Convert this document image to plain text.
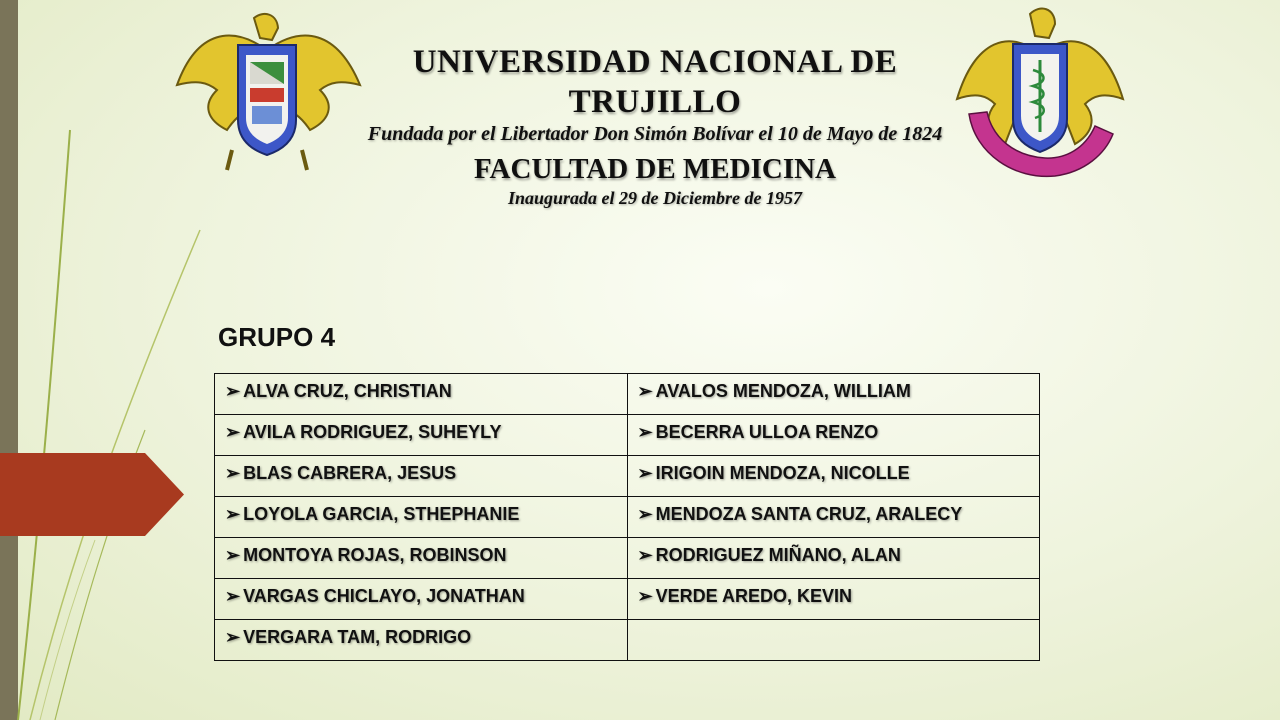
UNIVERSIDAD NACIONAL DE TRUJILLO
Fundada por el Libertador Don Simón Bolívar el 10 de Mayo de 1824
FACULTAD DE MEDICINA
Inaugurada el 29 de Diciembre de 1957
GRUPO 4
➢ ALVA CRUZ, CHRISTIAN	➢ AVALOS MENDOZA, WILLIAM

➢ AVILA RODRIGUEZ, SUHEYLY	➢ BECERRA ULLOA RENZO

➢ BLAS CABRERA, JESUS	➢ IRIGOIN MENDOZA, NICOLLE

➢ LOYOLA GARCIA, STHEPHANIE	➢ MENDOZA SANTA CRUZ, ARALECY

➢ MONTOYA ROJAS, ROBINSON	➢ RODRIGUEZ MIÑANO, ALAN

➢ VARGAS CHICLAYO, JONATHAN	➢ VERDE AREDO, KEVIN

➢ VERGARA TAM, RODRIGO	
